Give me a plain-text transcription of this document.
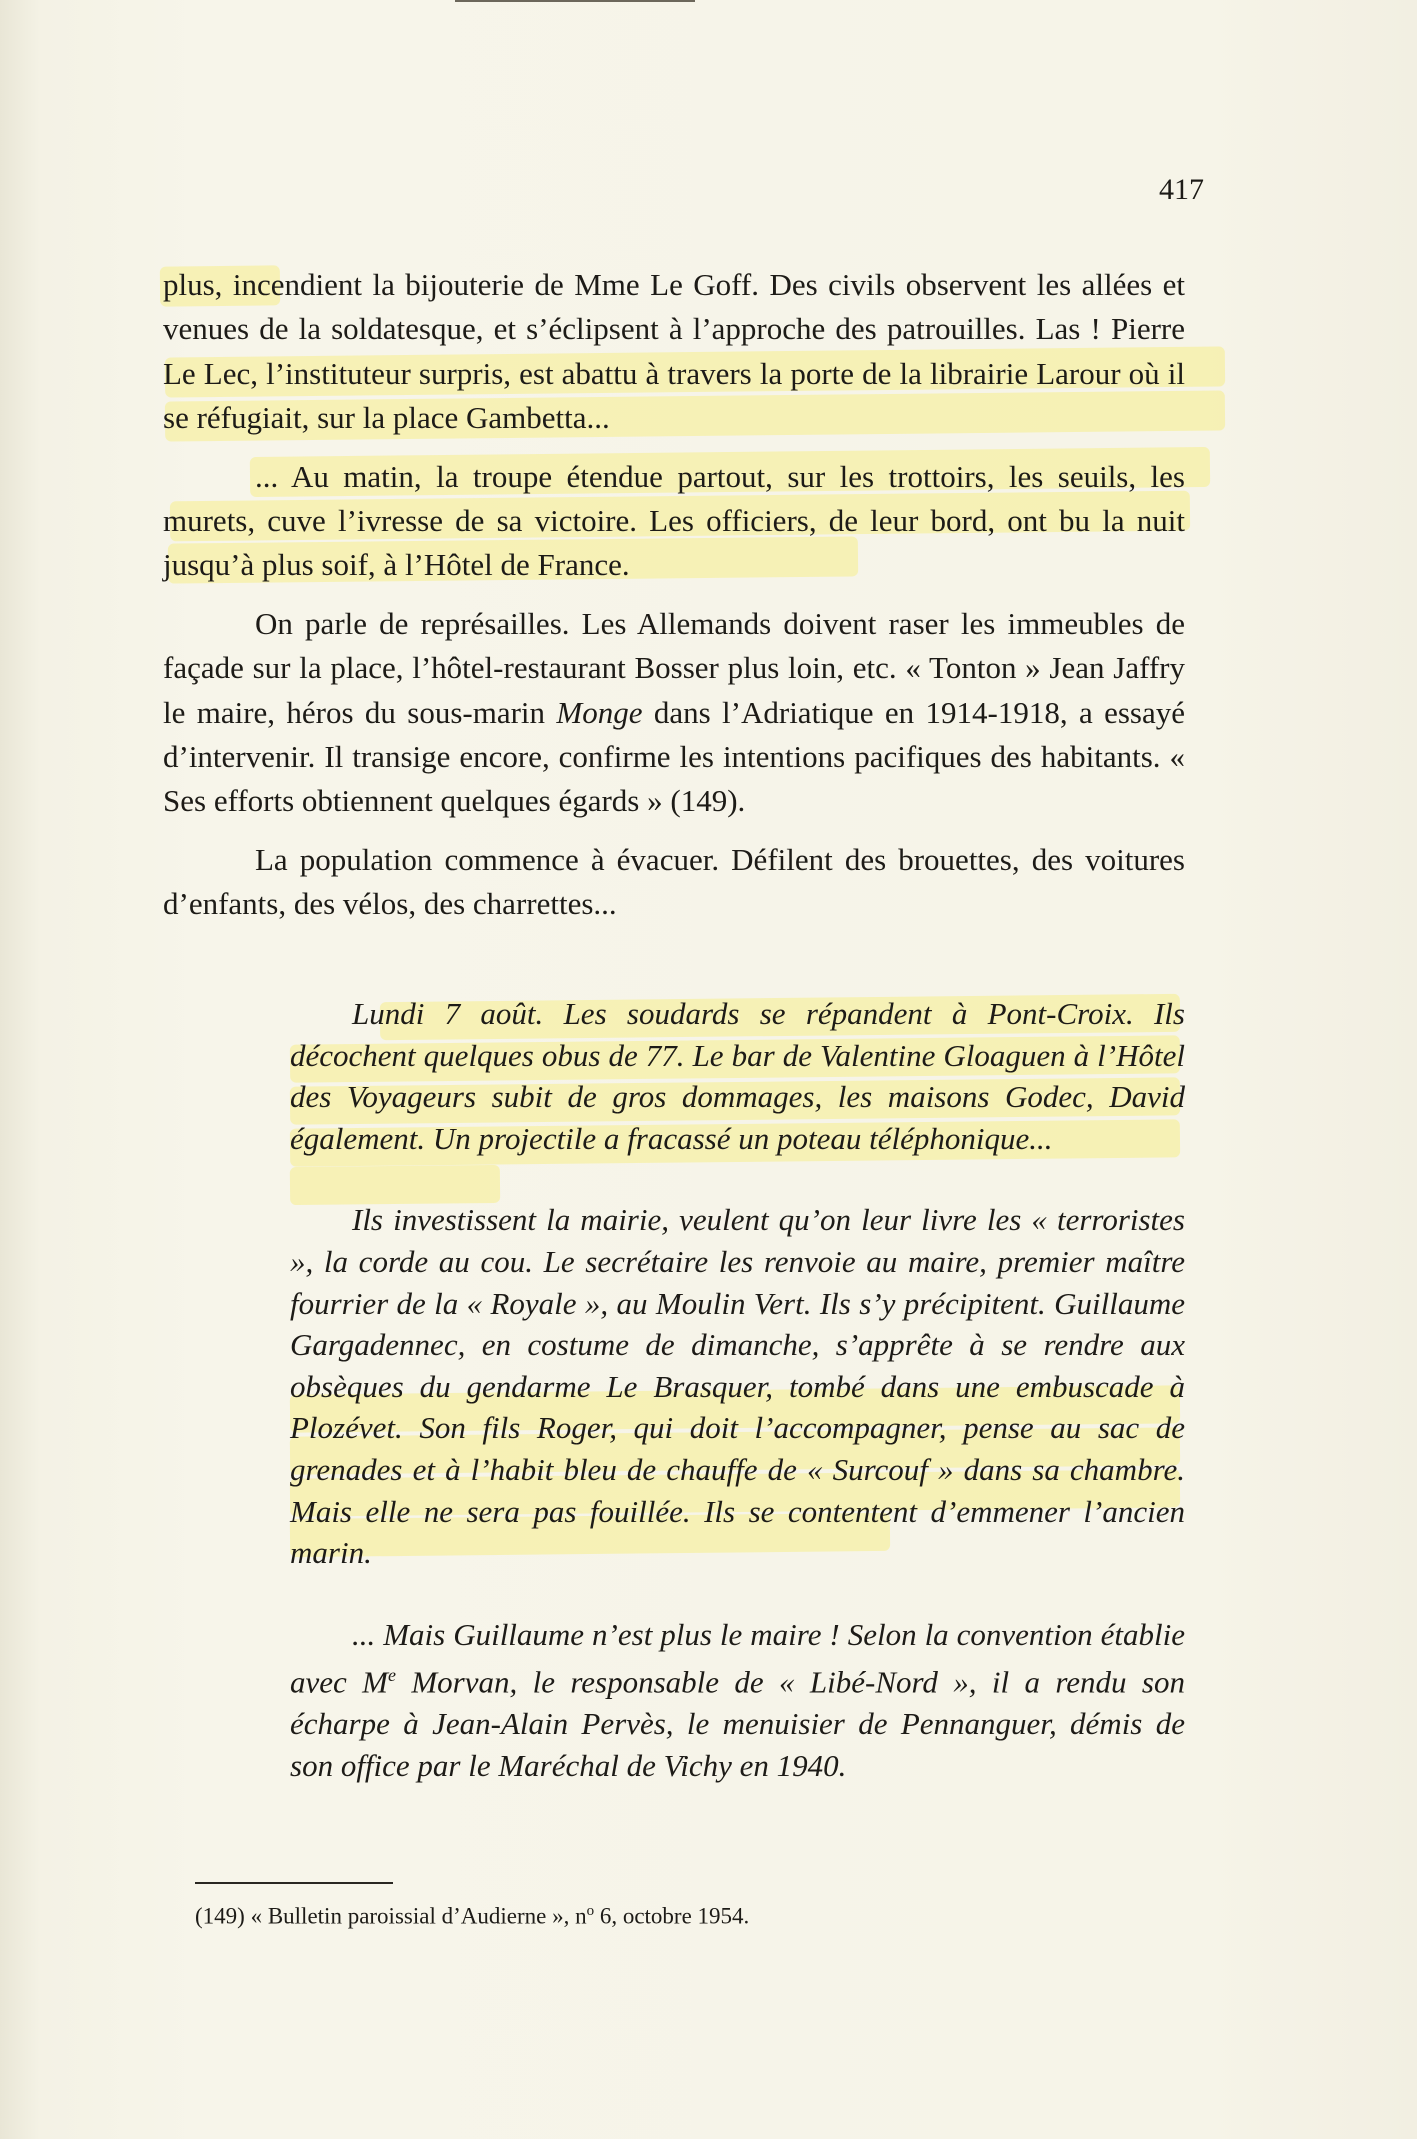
417

plus, incendient la bijouterie de Mme Le Goff. Des civils observent les allées et venues de la soldatesque, et s’éclipsent à l’approche des patrouilles. Las ! Pierre Le Lec, l’instituteur surpris, est abattu à travers la porte de la librairie Larour où il se réfugiait, sur la place Gambetta...

... Au matin, la troupe étendue partout, sur les trottoirs, les seuils, les murets, cuve l’ivresse de sa victoire. Les officiers, de leur bord, ont bu la nuit jusqu’à plus soif, à l’Hôtel de France.

On parle de représailles. Les Allemands doivent raser les immeubles de façade sur la place, l’hôtel-restaurant Bosser plus loin, etc. « Tonton » Jean Jaffry le maire, héros du sous-marin Monge dans l’Adriatique en 1914-1918, a essayé d’intervenir. Il transige encore, confirme les intentions pacifiques des habitants. « Ses efforts obtiennent quelques égards » (149).

La population commence à évacuer. Défilent des brouettes, des voitures d’enfants, des vélos, des charrettes...

Lundi 7 août. Les soudards se répandent à Pont-Croix. Ils décochent quelques obus de 77. Le bar de Valentine Gloaguen à l’Hôtel des Voyageurs subit de gros dommages, les maisons Godec, David également. Un projectile a fracassé un poteau téléphonique...

Ils investissent la mairie, veulent qu’on leur livre les « terroristes », la corde au cou. Le secrétaire les renvoie au maire, premier maître fourrier de la « Royale », au Moulin Vert. Ils s’y précipitent. Guillaume Gargadennec, en costume de dimanche, s’apprête à se rendre aux obsèques du gendarme Le Brasquer, tombé dans une embuscade à Plozévet. Son fils Roger, qui doit l’accompagner, pense au sac de grenades et à l’habit bleu de chauffe de « Surcouf » dans sa chambre. Mais elle ne sera pas fouillée. Ils se contentent d’emmener l’ancien marin.

... Mais Guillaume n’est plus le maire ! Selon la convention établie avec Me Morvan, le responsable de « Libé-Nord », il a rendu son écharpe à Jean-Alain Pervès, le menuisier de Pennanguer, démis de son office par le Maréchal de Vichy en 1940.

(149) « Bulletin paroissial d’Audierne », $n^o$ 6, octobre 1954.
